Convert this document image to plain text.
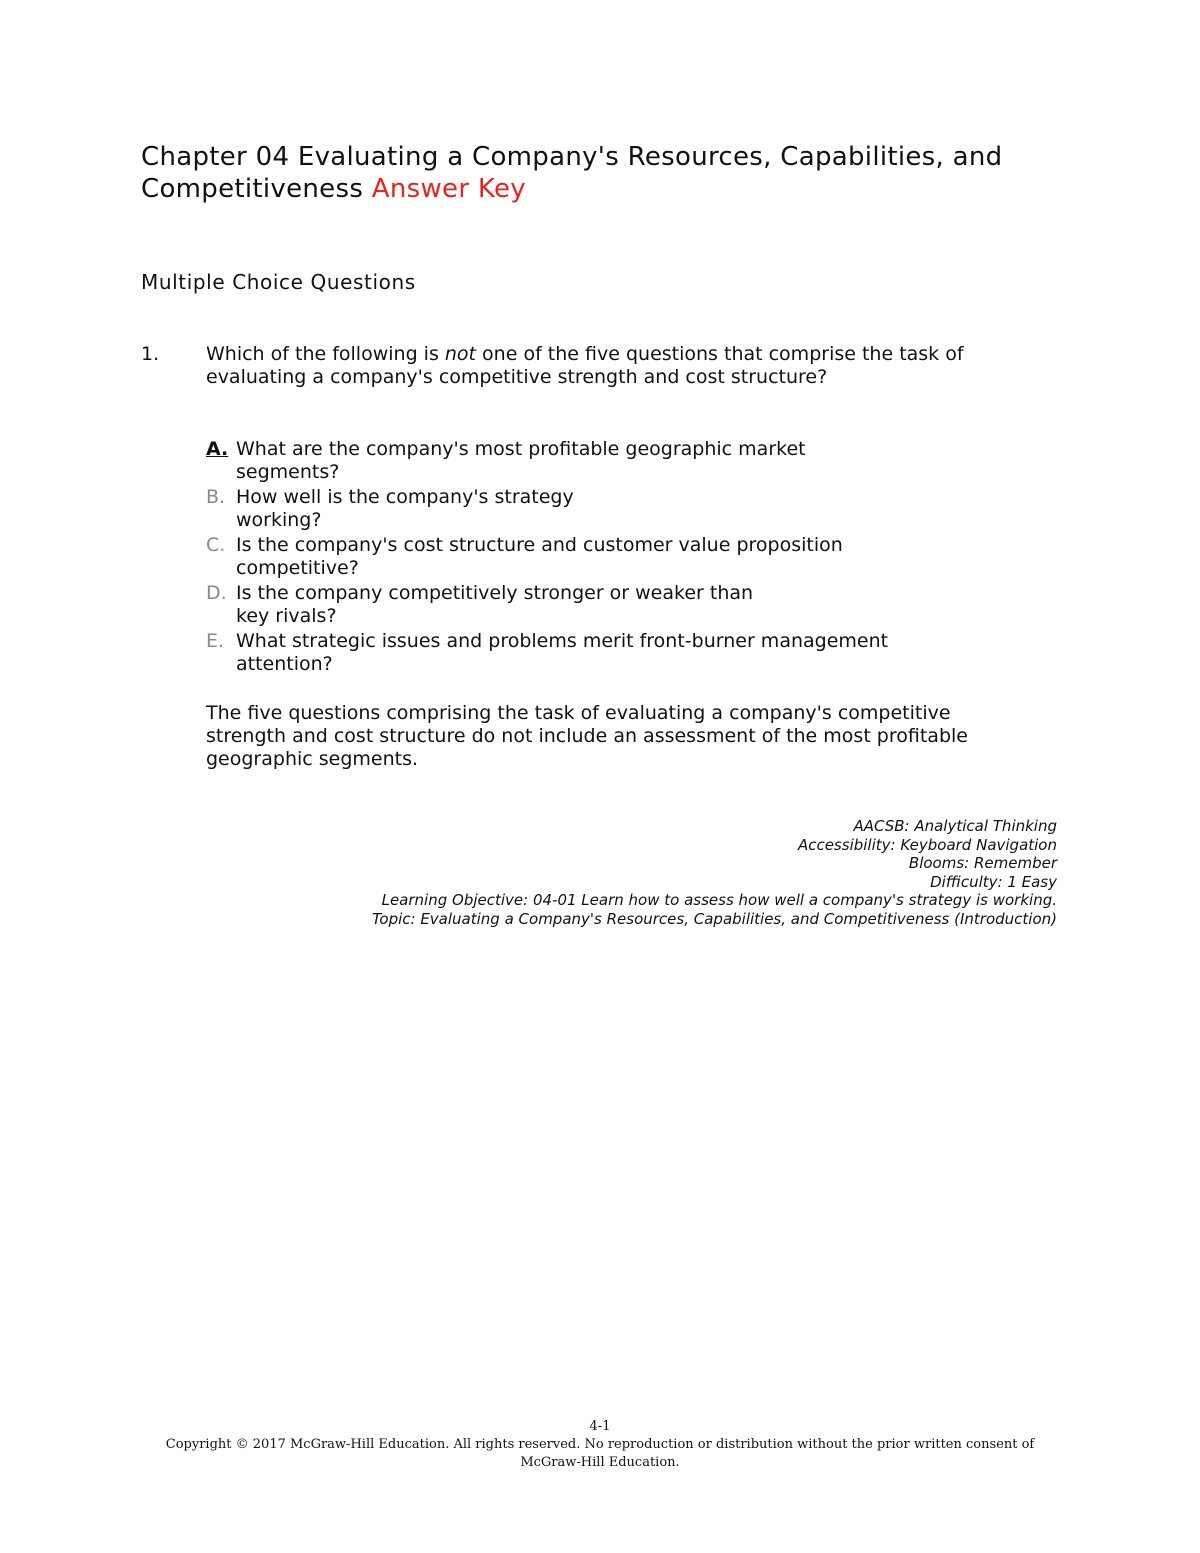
Chapter 04 Evaluating a Company's Resources, Capabilities, and Competitiveness Answer Key
Multiple Choice Questions
1. Which of the following is not one of the five questions that comprise the task of evaluating a company's competitive strength and cost structure?
A. What are the company's most profitable geographic market
segments?
B. How well is the company's strategy
working?
C. Is the company's cost structure and customer value proposition
competitive?
D. Is the company competitively stronger or weaker than
key rivals?
E. What strategic issues and problems merit front-burner management
attention?
The five questions comprising the task of evaluating a company's competitive strength and cost structure do not include an assessment of the most profitable geographic segments.
AACSB: Analytical Thinking
Accessibility: Keyboard Navigation
Blooms: Remember
Difficulty: 1 Easy
Learning Objective: 04-01 Learn how to assess how well a company's strategy is working.
Topic: Evaluating a Company's Resources, Capabilities, and Competitiveness (Introduction)
4-1
Copyright © 2017 McGraw-Hill Education. All rights reserved. No reproduction or distribution without the prior written consent of McGraw-Hill Education.
